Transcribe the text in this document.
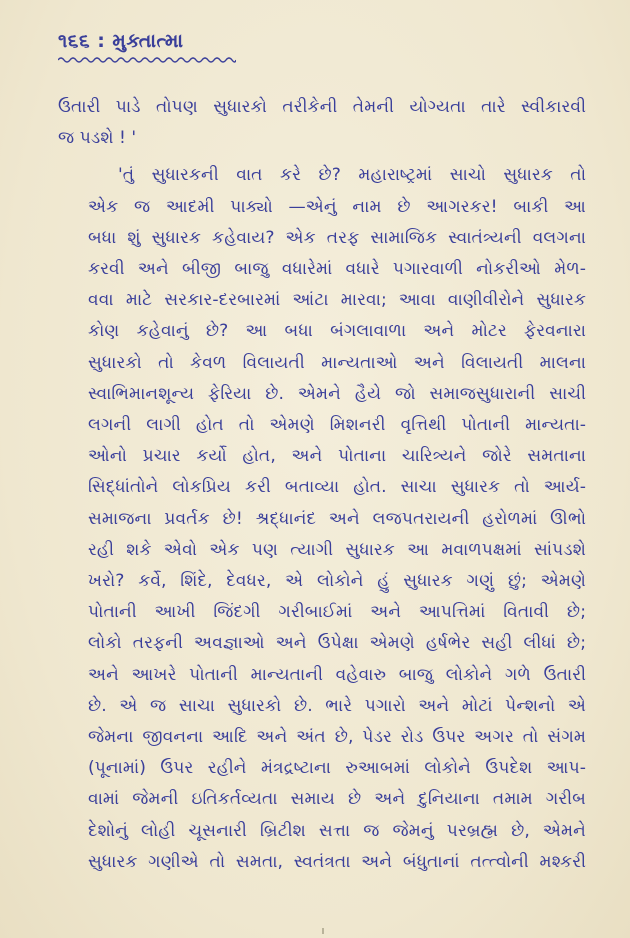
૧૬૬ : મુક્તાત્મા
ઉતારી પાડે તોપણ સુધારકો તરીકેની તેમની યોગ્યતા તારે સ્વીકારવી
જ પડશે ! '
'તું સુધારકની વાત કરે છે? મહારાષ્ટ્રમાં સાચો સુધારક તો
એક જ આદમી પાક્યો —એનું નામ છે આગરકર! બાકી આ
બધા શું સુધારક કહેવાય? એક તરફ સામાજિક સ્વાતંત્ર્યની વલગના
કરવી અને બીજી બાજુ વધારેમાં વધારે પગારવાળી નોકરીઓ મેળ-
વવા માટે સરકાર-દરબારમાં આંટા મારવા; આવા વાણીવીરોને સુધારક
કોણ કહેવાનું છે? આ બધા બંગલાવાળા અને મોટર ફેરવનારા
સુધારકો તો કેવળ વિલાયતી માન્યતાઓ અને વિલાયતી માલના
સ્વાભિમાનશૂન્ય ફેરિયા છે. એમને હૈયે જો સમાજસુધારાની સાચી
લગની લાગી હોત તો એમણે મિશનરી વૃત્તિથી પોતાની માન્યતા-
ઓનો પ્રચાર કર્યો હોત, અને પોતાના ચારિત્ર્યને જોરે સમતાના
સિદ્ધાંતોને લોકપ્રિય કરી બતાવ્યા હોત. સાચા સુધારક તો આર્ય-
સમાજના પ્રવર્તક છે! શ્રદ્ધાનંદ અને લજપતરાયની હરોળમાં ઊભો
રહી શકે એવો એક પણ ત્યાગી સુધારક આ મવાળપક્ષમાં સાંપડશે
ખરો? કર્વે, શિંદે, દેવધર, એ લોકોને હું સુધારક ગણું છું; એમણે
પોતાની આખી જિંદગી ગરીબાઈમાં અને આપત્તિમાં વિતાવી છે;
લોકો તરફની અવજ્ઞાઓ અને ઉપેક્ષા એમણે હર્ષભેર સહી લીધાં છે;
અને આખરે પોતાની માન્યતાની વહેવારુ બાજુ લોકોને ગળે ઉતારી
છે. એ જ સાચા સુધારકો છે. ભારે પગારો અને મોટાં પેન્શનો એ
જેમના જીવનના આદિ અને અંત છે, પેડર રોડ ઉપર અગર તો સંગમ
(પૂનામાં) ઉપર રહીને મંત્રદ્રષ્ટાના રુઆબમાં લોકોને ઉપદેશ આપ-
વામાં જેમની ઇતિકર્તવ્યતા સમાય છે અને દુનિયાના તમામ ગરીબ
દેશોનું લોહી ચૂસનારી બ્રિટીશ સત્તા જ જેમનું પરબ્રહ્મ છે, એમને
સુધારક ગણીએ તો સમતા, સ્વતંત્રતા અને બંધુતાનાં તત્ત્વોની મશ્કરી
